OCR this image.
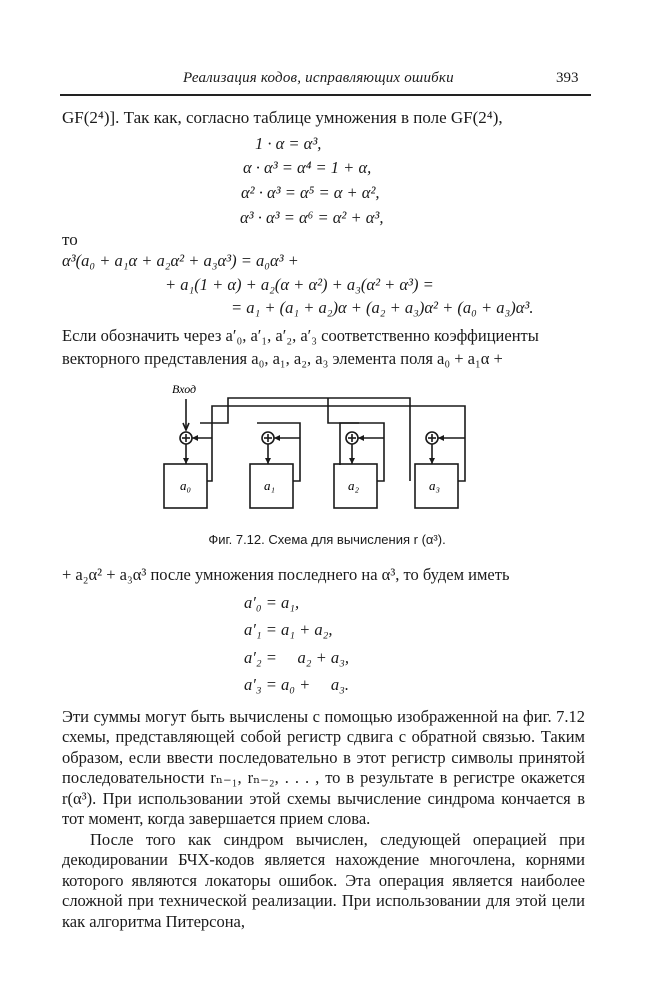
Реализация кодов, исправляющих ошибки	393
GF(2⁴)]. Так как, согласно таблице умножения в поле GF(2⁴),
1 · α = α³,
α · α³ = α⁴ = 1 + α,
α² · α³ = α⁵ = α + α²,
α³ · α³ = α⁶ = α² + α³,
то
α³(a₀ + a₁α + a₂α² + a₃α³) = a₀α³ +
+ a₁(1 + α) + a₂(α + α²) + a₃(α² + α³) =
= a₁ + (a₁ + a₂)α + (a₂ + a₃)α² + (a₀ + a₃)α³.
Если обозначить через a′₀, a′₁, a′₂, a′₃ соответственно коэффициенты
векторного представления a₀, a₁, a₂, a₃ элемента поля a₀ + a₁α +
Вход
a₀	a₁	a₂	a₃
Фиг. 7.12. Схема для вычисления r (α³).
+ a₂α² + a₃α³ после умножения последнего на α³, то будем иметь
a′₀ = a₁,
a′₁ = a₁ + a₂,
a′₂ =     a₂ + a₃,
a′₃ = a₀ +     a₃.

Эти суммы могут быть вычислены с помощью изображенной на фиг. 7.12 схемы, представляющей собой регистр сдвига с обратной связью. Таким образом, если ввести последовательно в этот регистр символы принятой последовательности rₙ₋₁, rₙ₋₂, . . . , то в результате в регистре окажется r(α³). При использовании этой схемы вычисление синдрома кончается в тот момент, когда завершается прием слова.

После того как синдром вычислен, следующей операцией при декодировании БЧХ-кодов является нахождение многочлена, корнями которого являются локаторы ошибок. Эта операция является наиболее сложной при технической реализации. При использовании для этой цели как алгоритма Питерсона,
